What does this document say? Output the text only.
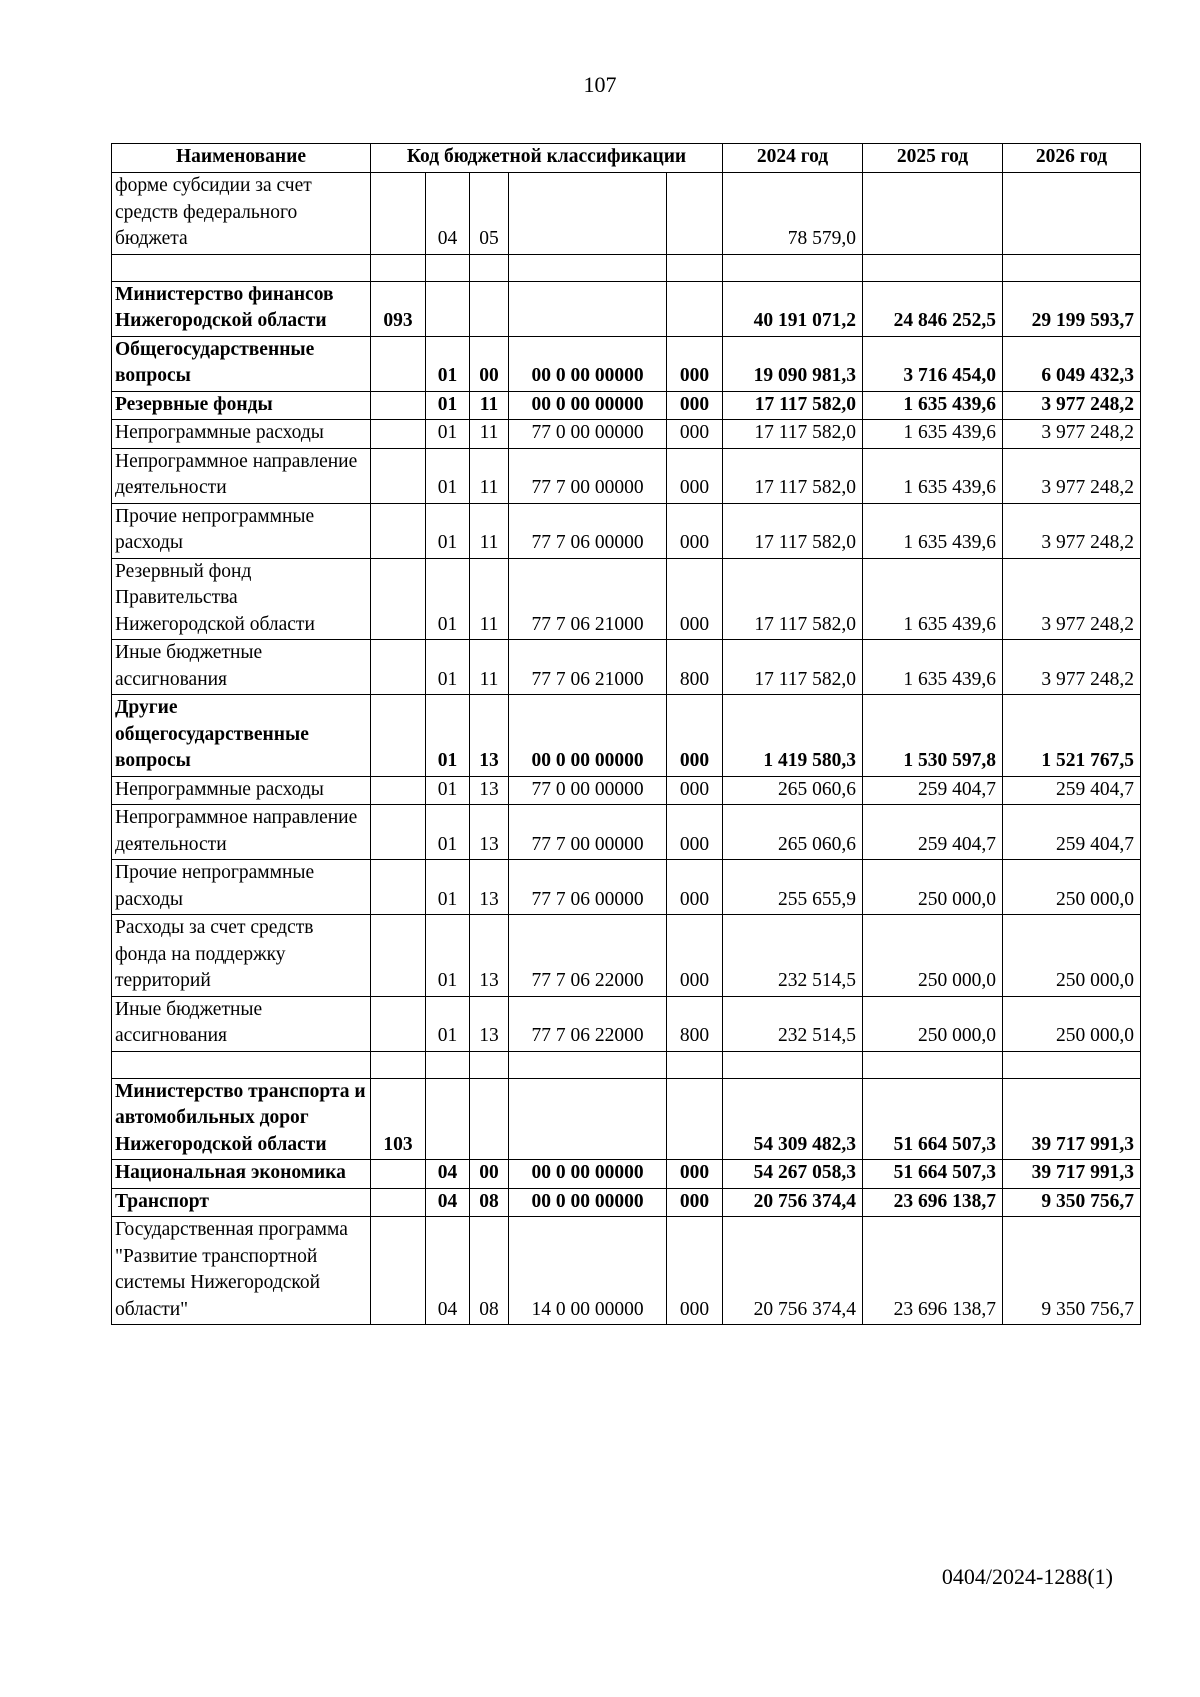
107
Наименование	Код бюджетной классификации					2024 год	2025 год	2026 год
форме субсидии за счет средств федерального бюджета		04	05			78 579,0		

Министерство финансов Нижегородской области	093					40 191 071,2	24 846 252,5	29 199 593,7
Общегосударственные вопросы		01	00	00 0 00 00000	000	19 090 981,3	3 716 454,0	6 049 432,3
Резервные фонды		01	11	00 0 00 00000	000	17 117 582,0	1 635 439,6	3 977 248,2
Непрограммные расходы		01	11	77 0 00 00000	000	17 117 582,0	1 635 439,6	3 977 248,2
Непрограммное направление деятельности		01	11	77 7 00 00000	000	17 117 582,0	1 635 439,6	3 977 248,2
Прочие непрограммные расходы		01	11	77 7 06 00000	000	17 117 582,0	1 635 439,6	3 977 248,2
Резервный фонд Правительства Нижегородской области		01	11	77 7 06 21000	000	17 117 582,0	1 635 439,6	3 977 248,2
Иные бюджетные ассигнования		01	11	77 7 06 21000	800	17 117 582,0	1 635 439,6	3 977 248,2
Другие общегосударственные вопросы		01	13	00 0 00 00000	000	1 419 580,3	1 530 597,8	1 521 767,5
Непрограммные расходы		01	13	77 0 00 00000	000	265 060,6	259 404,7	259 404,7
Непрограммное направление деятельности		01	13	77 7 00 00000	000	265 060,6	259 404,7	259 404,7
Прочие непрограммные расходы		01	13	77 7 06 00000	000	255 655,9	250 000,0	250 000,0
Расходы за счет средств фонда на поддержку территорий		01	13	77 7 06 22000	000	232 514,5	250 000,0	250 000,0
Иные бюджетные ассигнования		01	13	77 7 06 22000	800	232 514,5	250 000,0	250 000,0

Министерство транспорта и автомобильных дорог Нижегородской области	103					54 309 482,3	51 664 507,3	39 717 991,3
Национальная экономика		04	00	00 0 00 00000	000	54 267 058,3	51 664 507,3	39 717 991,3
Транспорт		04	08	00 0 00 00000	000	20 756 374,4	23 696 138,7	9 350 756,7
Государственная программа "Развитие транспортной системы Нижегородской области"		04	08	14 0 00 00000	000	20 756 374,4	23 696 138,7	9 350 756,7
0404/2024-1288(1)
